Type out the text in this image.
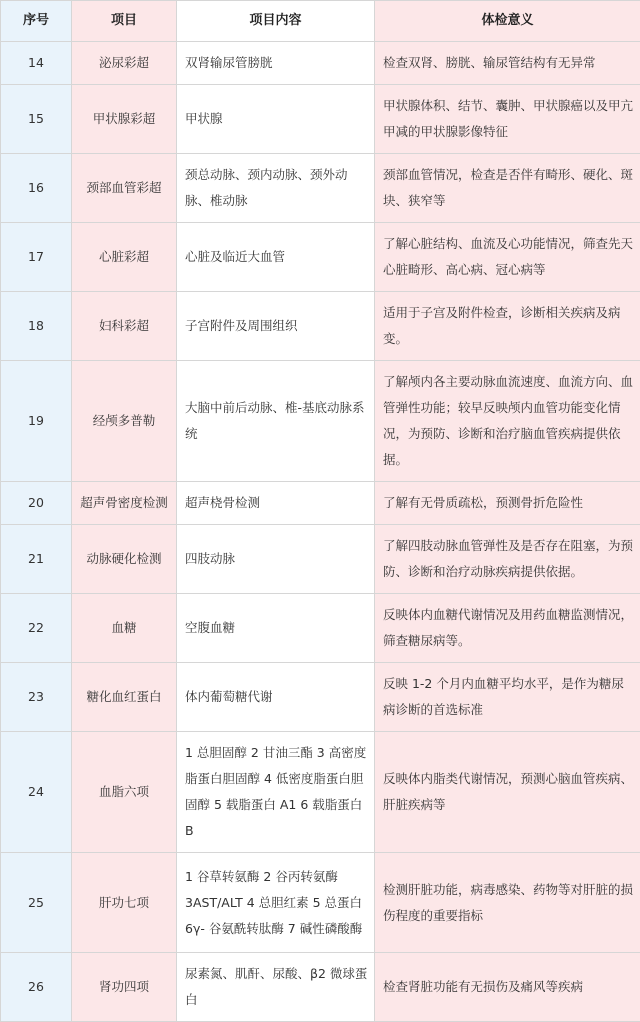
序号	项目	项目内容	体检意义
14	泌尿彩超	双肾输尿管膀胱	检查双肾、膀胱、输尿管结构有无异常
15	甲状腺彩超	甲状腺	甲状腺体积、结节、囊肿、甲状腺癌以及甲亢甲减的甲状腺影像特征
16	颈部血管彩超	颈总动脉、颈内动脉、颈外动脉、椎动脉	颈部血管情况，检查是否伴有畸形、硬化、斑块、狭窄等
17	心脏彩超	心脏及临近大血管	了解心脏结构、血流及心功能情况，筛查先天心脏畸形、高心病、冠心病等
18	妇科彩超	子宫附件及周围组织	适用于子宫及附件检查，诊断相关疾病及病变。
19	经颅多普勒	大脑中前后动脉、椎-基底动脉系统	了解颅内各主要动脉血流速度、血流方向、血管弹性功能；较早反映颅内血管功能变化情况，为预防、诊断和治疗脑血管疾病提供依据。
20	超声骨密度检测	超声桡骨检测	了解有无骨质疏松，预测骨折危险性
21	动脉硬化检测	四肢动脉	了解四肢动脉血管弹性及是否存在阻塞，为预防、诊断和治疗动脉疾病提供依据。
22	血糖	空腹血糖	反映体内血糖代谢情况及用药血糖监测情况，筛查糖尿病等。
23	糖化血红蛋白	体内葡萄糖代谢	反映 1-2 个月内血糖平均水平，是作为糖尿病诊断的首选标准
24	血脂六项	1 总胆固醇 2 甘油三酯 3 高密度脂蛋白胆固醇 4 低密度脂蛋白胆固醇 5 载脂蛋白 A1 6 载脂蛋白 B	反映体内脂类代谢情况，预测心脑血管疾病、肝脏疾病等
25	肝功七项	1 谷草转氨酶 2 谷丙转氨酶 3AST/ALT 4 总胆红素 5 总蛋白 6γ- 谷氨酰转肽酶 7 碱性磷酸酶	检测肝脏功能，病毒感染、药物等对肝脏的损伤程度的重要指标
26	肾功四项	尿素氮、肌酐、尿酸、β2 微球蛋白	检查肾脏功能有无损伤及痛风等疾病
